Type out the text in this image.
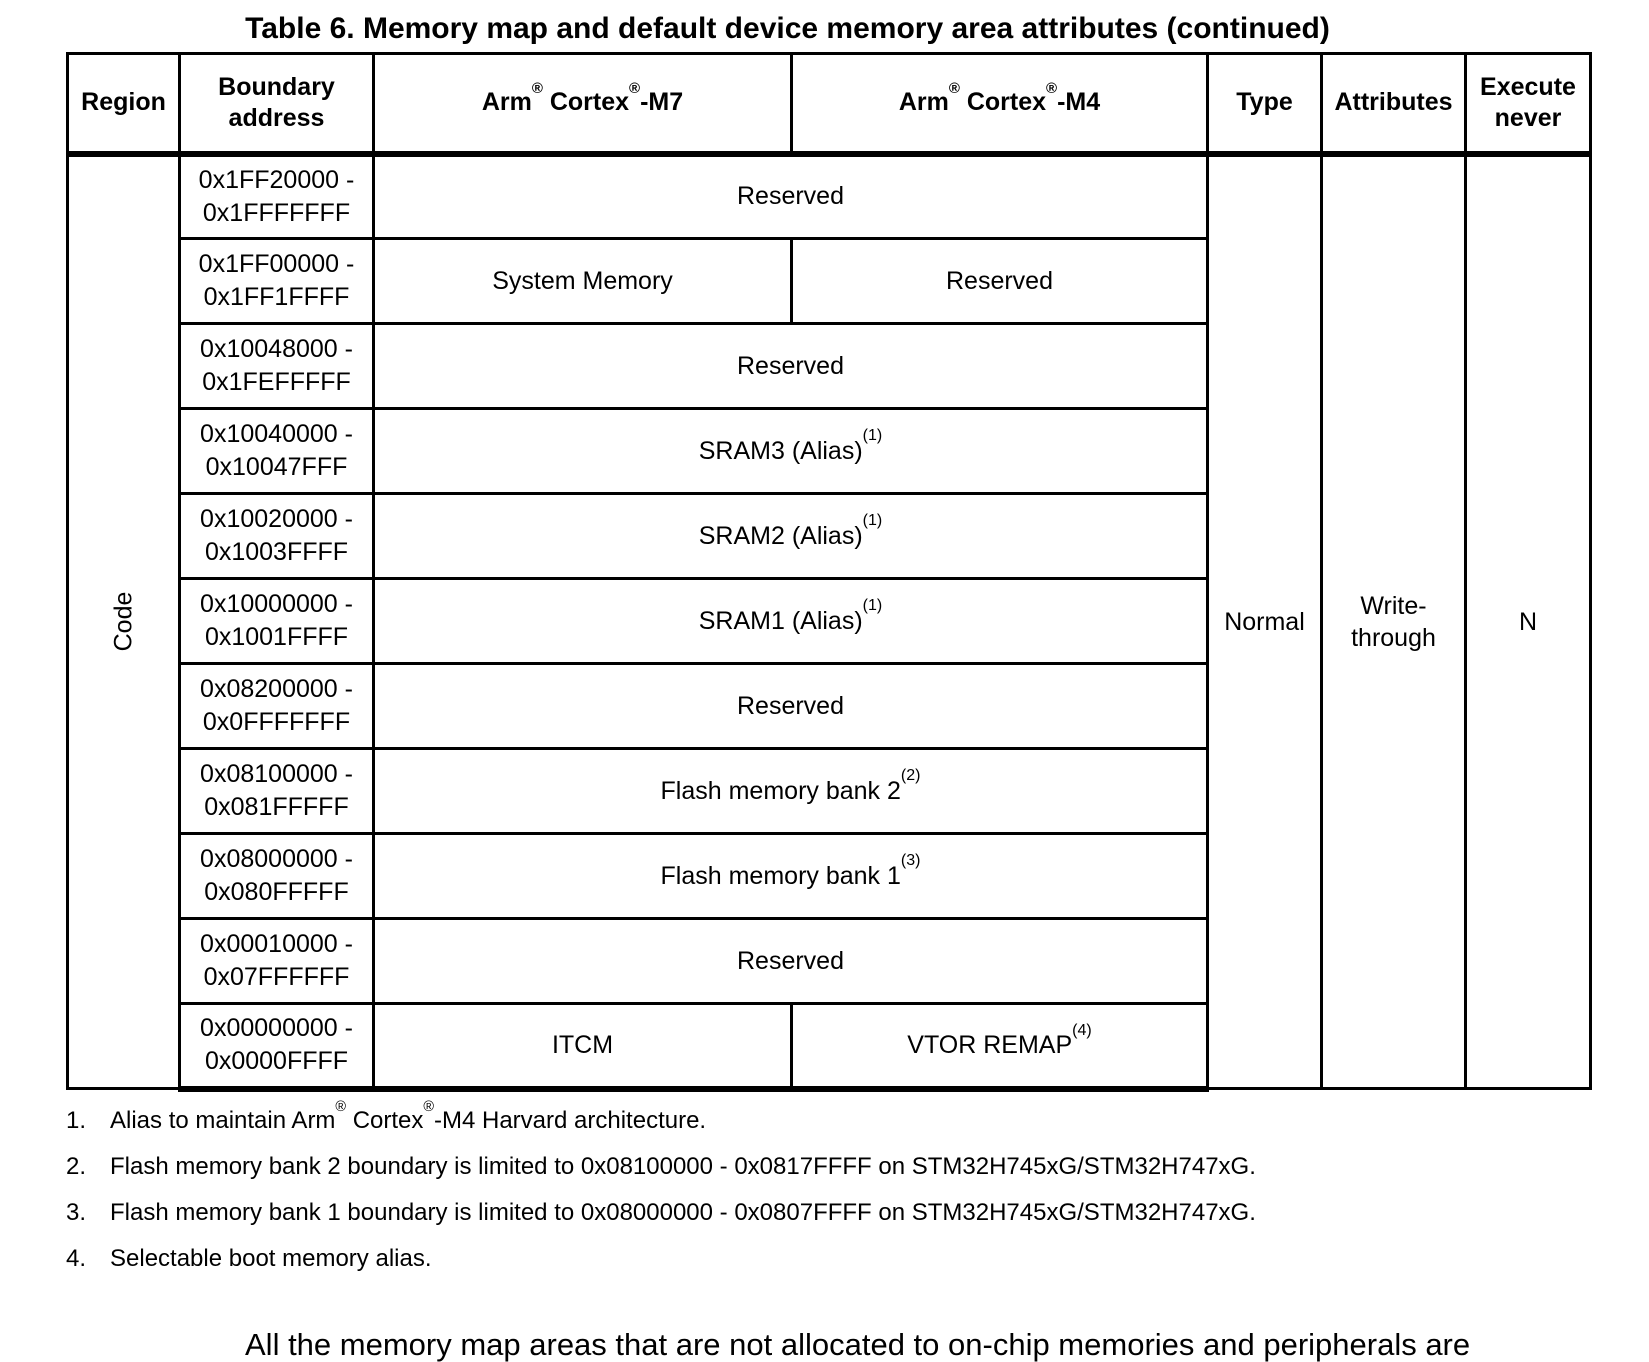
Table 6. Memory map and default device memory area attributes (continued)
Region	Boundary address	Arm® Cortex®-M7	Arm® Cortex®-M4	Type	Attributes	Execute never
Code	0x1FF20000 -
0x1FFFFFFF	Reserved		Normal	Write-through	N

	0x1FF00000 -
0x1FF1FFFF	System Memory	Reserved			

	0x10048000 -
0x1FEFFFFF	Reserved				

	0x10040000 -
0x10047FFF	SRAM3 (Alias)$^{(1)}$

	0x10020000 -
0x1003FFFF	SRAM2 (Alias)$^{(1)}$

	0x10000000 -
0x1001FFFF	SRAM1 (Alias)$^{(1)}$

	0x08200000 -
0x0FFFFFFF	Reserved				

	0x08100000 -
0x081FFFFF	Flash memory bank 2$^{(2)}$

	0x08000000 -
0x080FFFFF	Flash memory bank 1$^{(3)}$

	0x00010000 -
0x07FFFFFF	Reserved				

	0x00000000 -
0x0000FFFF	ITCM	VTOR REMAP$^{(4)}$
1. Alias to maintain Arm® Cortex®-M4 Harvard architecture.
2. Flash memory bank 2 boundary is limited to 0x08100000 - 0x0817FFFF on STM32H745xG/STM32H747xG.
3. Flash memory bank 1 boundary is limited to 0x08000000 - 0x0807FFFF on STM32H745xG/STM32H747xG.
4. Selectable boot memory alias.
All the memory map areas that are not allocated to on-chip memories and peripherals are
